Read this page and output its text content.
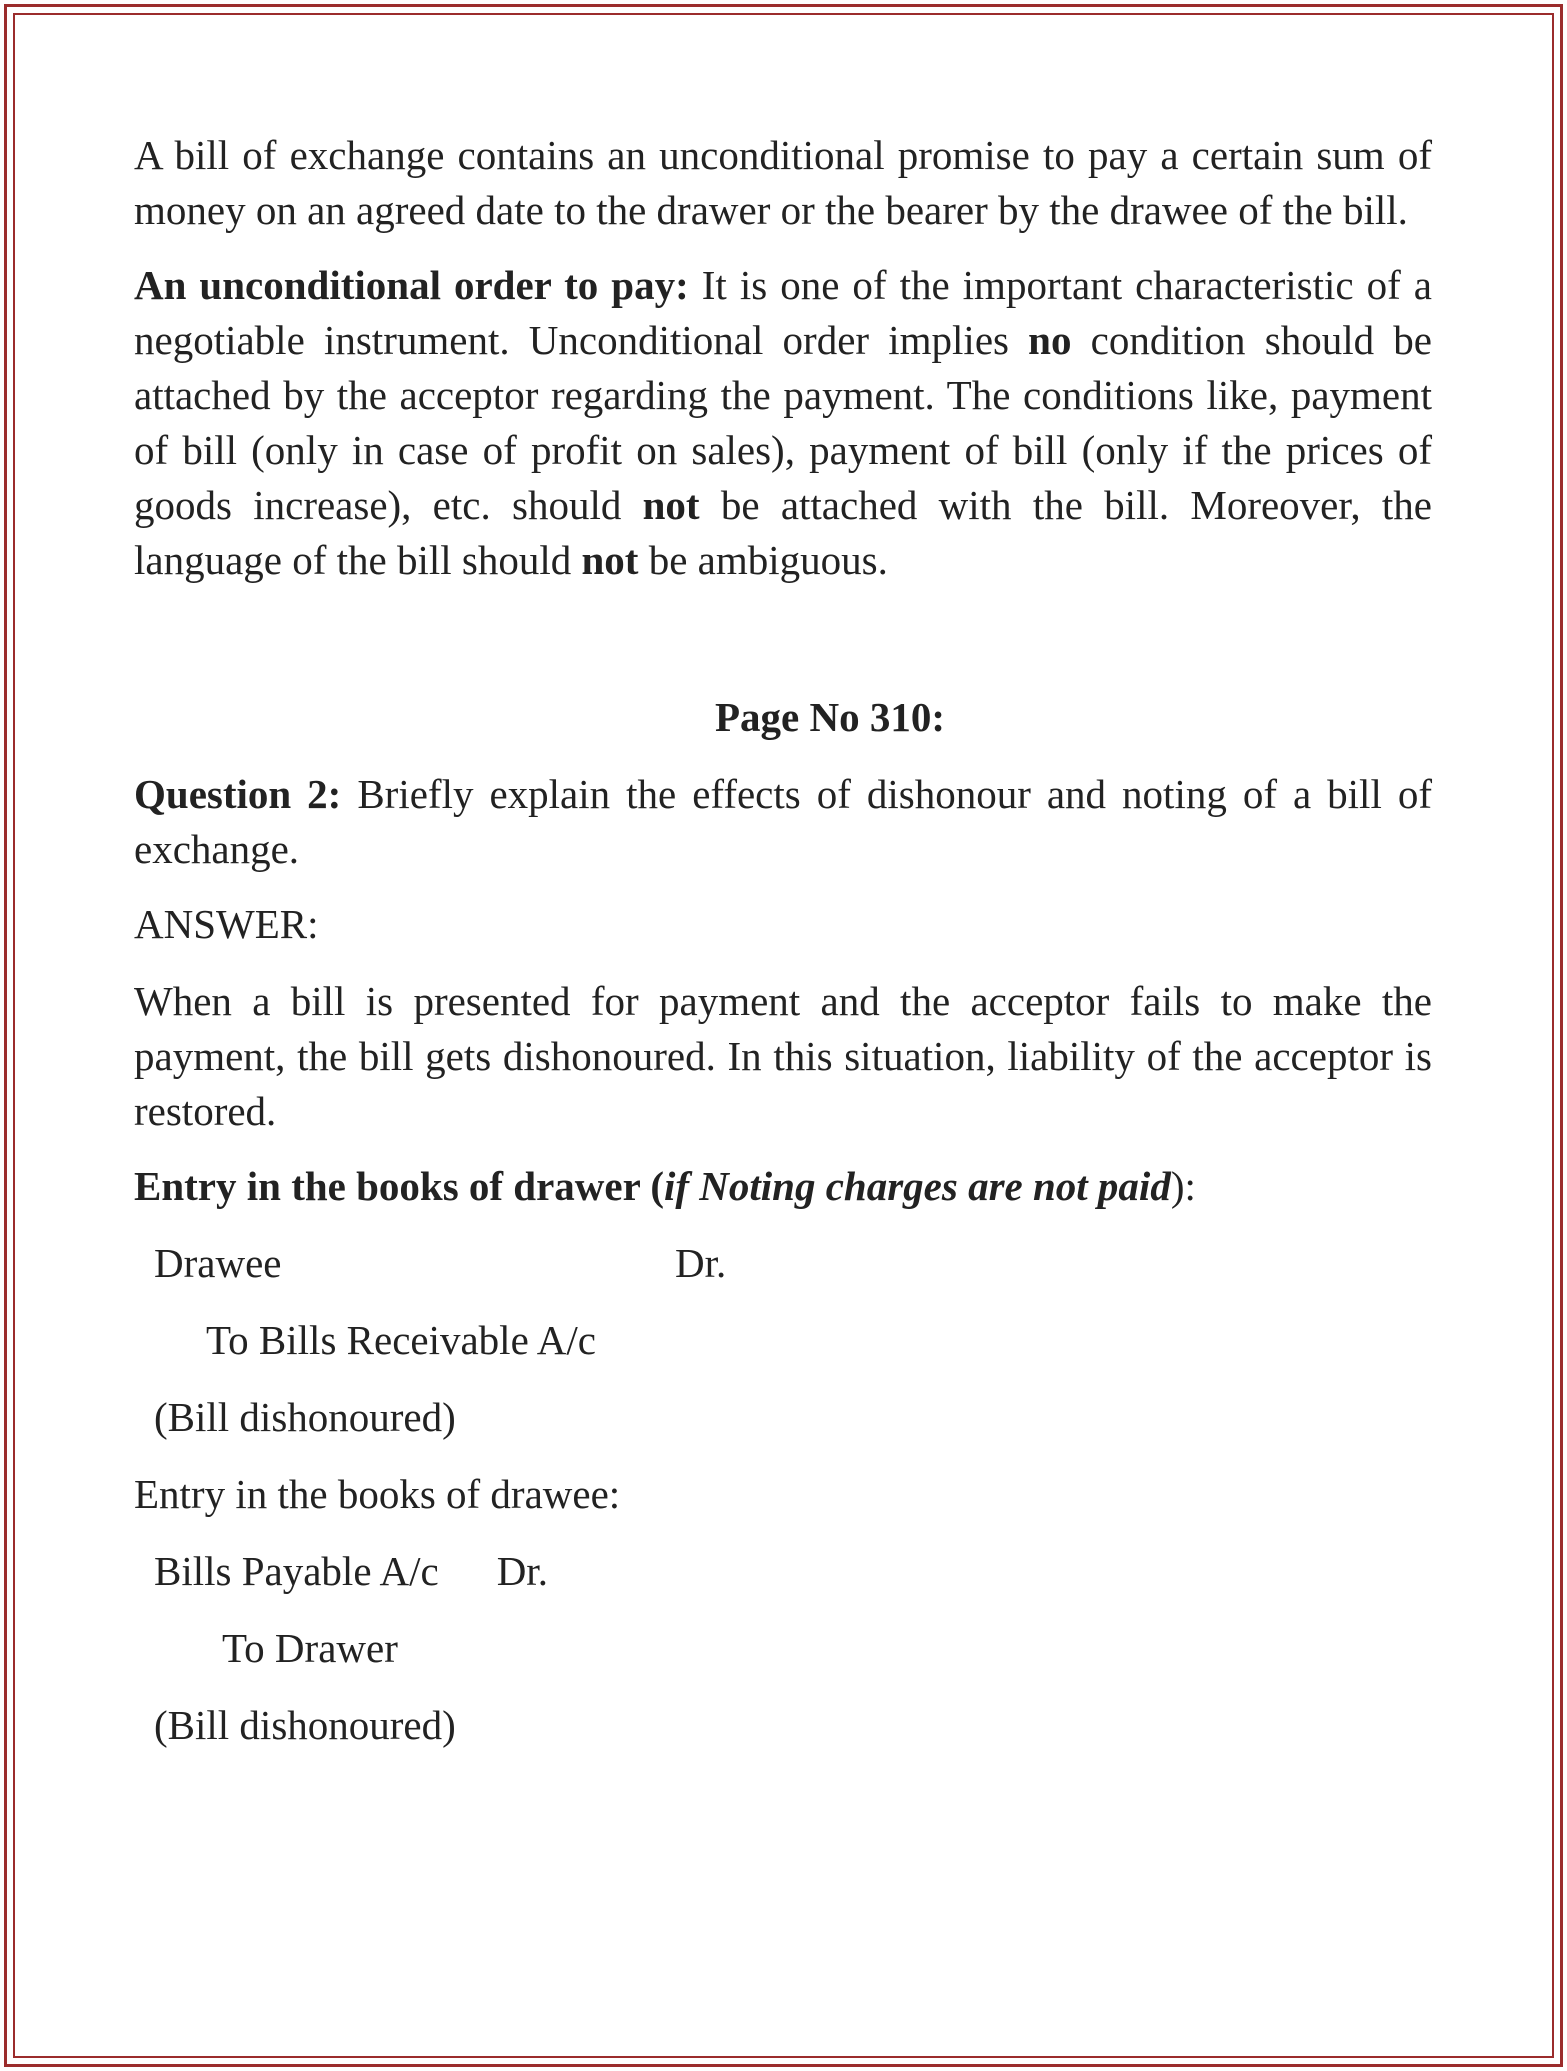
A bill of exchange contains an unconditional promise to pay a certain sum of money on an agreed date to the drawer or the bearer by the drawee of the bill.

An unconditional order to pay: It is one of the important characteristic of a negotiable instrument. Unconditional order implies no condition should be attached by the acceptor regarding the payment. The conditions like, payment of bill (only in case of profit on sales), payment of bill (only if the prices of goods increase), etc. should not be attached with the bill. Moreover, the language of the bill should not be ambiguous.

Page No 310:

Question 2: Briefly explain the effects of dishonour and noting of a bill of exchange.

ANSWER:

When a bill is presented for payment and the acceptor fails to make the payment, the bill gets dishonoured. In this situation, liability of the acceptor is restored.

Entry in the books of drawer (if Noting charges are not paid):
Drawee	Dr.
To Bills Receivable A/c
(Bill dishonoured)
Entry in the books of drawee:
Bills Payable A/c Dr.
To Drawer
(Bill dishonoured)
